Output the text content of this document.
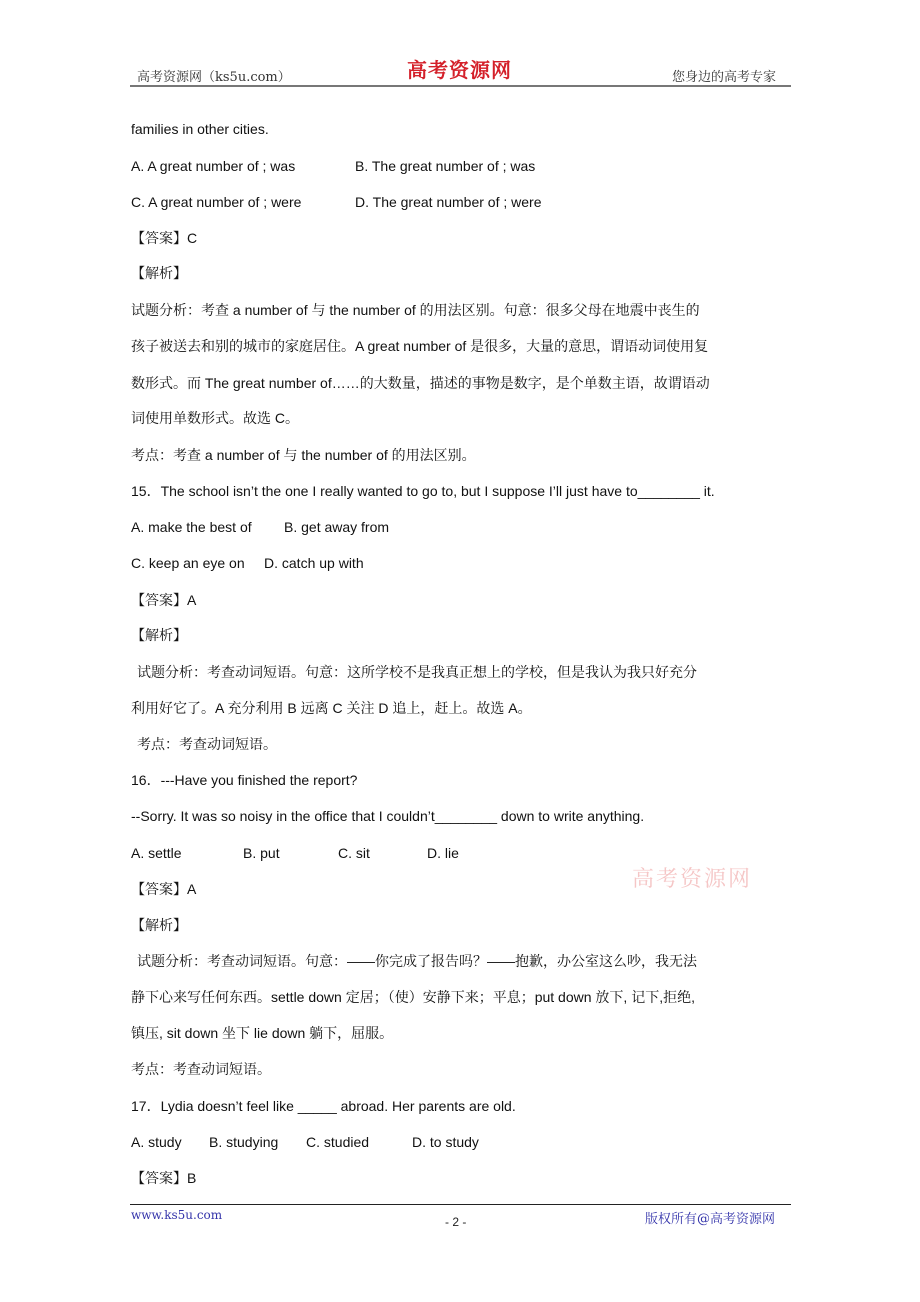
高考资源网（ks5u.com）	高考资源网	您身边的高考专家
families in other cities.
A. A great number of ; was	B. The great number of ; was
C. A great number of ; were	D. The great number of ; were
【答案】C
【解析】
试题分析：考查 a number of 与 the number of 的用法区别。句意：很多父母在地震中丧生的
孩子被送去和别的城市的家庭居住。A great number of 是很多，大量的意思，谓语动词使用复
数形式。而 The great number of……的大数量，描述的事物是数字，是个单数主语，故谓语动
词使用单数形式。故选 C。
考点：考查 a number of 与 the number of 的用法区别。
15．The school isn’t the one I really wanted to go to, but I suppose I’ll just have to________ it.
A. make the best of B. get away from
C. keep an eye on D. catch up with
【答案】A
【解析】
试题分析：考查动词短语。句意：这所学校不是我真正想上的学校，但是我认为我只好充分
利用好它了。A 充分利用 B 远离 C 关注 D 追上，赶上。故选 A。
考点：考查动词短语。
16．---Have you finished the report?
--Sorry. It was so noisy in the office that I couldn’t________ down to write anything.
A. settle	B. put	C. sit	D. lie
高考资源网
【答案】A
【解析】
试题分析：考查动词短语。句意：——你完成了报告吗？——抱歉，办公室这么吵，我无法
静下心来写任何东西。settle down 定居；（使）安静下来；平息；put down 放下, 记下,拒绝,
镇压, sit down 坐下 lie down 躺下，屈服。
考点：考查动词短语。
17．Lydia doesn’t feel like _____ abroad. Her parents are old.
A. study B. studying C. studied	D. to study
【答案】B
www.ks5u.com	- 2 -	版权所有@高考资源网
